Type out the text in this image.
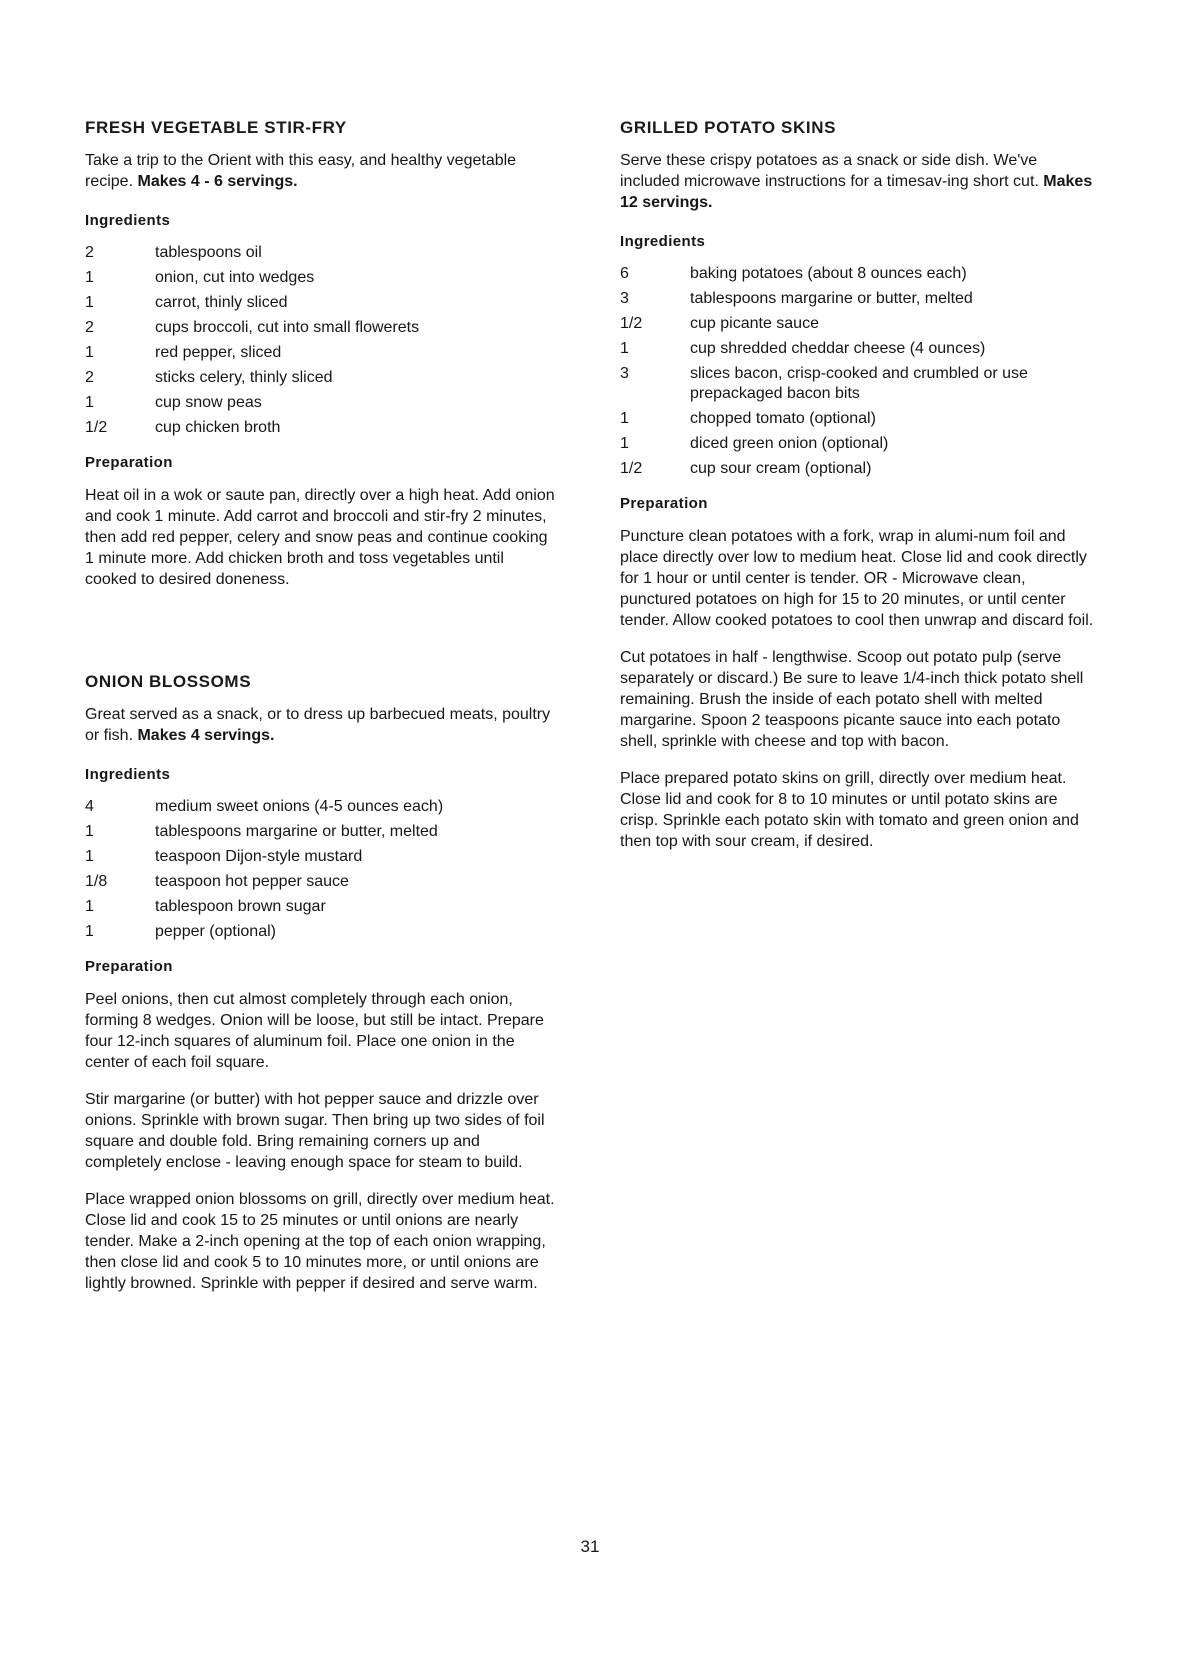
FRESH VEGETABLE STIR-FRY

Take a trip to the Orient with this easy, and healthy vegetable recipe. Makes 4 - 6 servings.

Ingredients
2	tablespoons oil
1	onion, cut into wedges
1	carrot, thinly sliced
2	cups broccoli, cut into small flowerets
1	red pepper, sliced
2	sticks celery, thinly sliced
1	cup snow peas
1/2	cup chicken broth
Preparation

Heat oil in a wok or saute pan, directly over a high heat. Add onion and cook 1 minute. Add carrot and broccoli and stir-fry 2 minutes, then add red pepper, celery and snow peas and continue cooking 1 minute more. Add chicken broth and toss vegetables until cooked to desired doneness.

ONION BLOSSOMS

Great served as a snack, or to dress up barbecued meats, poultry or fish. Makes 4 servings.

Ingredients
4	medium sweet onions (4-5 ounces each)
1	tablespoons margarine or butter, melted
1	teaspoon Dijon-style mustard
1/8	teaspoon hot pepper sauce
1	tablespoon brown sugar
1	pepper (optional)
Preparation

Peel onions, then cut almost completely through each onion, forming 8 wedges. Onion will be loose, but still be intact. Prepare four 12-inch squares of aluminum foil. Place one onion in the center of each foil square.

Stir margarine (or butter) with hot pepper sauce and drizzle over onions. Sprinkle with brown sugar. Then bring up two sides of foil square and double fold. Bring remaining corners up and completely enclose - leaving enough space for steam to build.

Place wrapped onion blossoms on grill, directly over medium heat. Close lid and cook 15 to 25 minutes or until onions are nearly tender. Make a 2-inch opening at the top of each onion wrapping, then close lid and cook 5 to 10 minutes more, or until onions are lightly browned. Sprinkle with pepper if desired and serve warm.

GRILLED POTATO SKINS

Serve these crispy potatoes as a snack or side dish. We've included microwave instructions for a timesav-ing short cut. Makes 12 servings.

Ingredients
6	baking potatoes (about 8 ounces each)
3	tablespoons margarine or butter, melted
1/2	cup picante sauce
1	cup shredded cheddar cheese (4 ounces)
3	slices bacon, crisp-cooked and crumbled or use prepackaged bacon bits
1	chopped tomato (optional)
1	diced green onion (optional)
1/2	cup sour cream (optional)
Preparation

Puncture clean potatoes with a fork, wrap in alumi-num foil and place directly over low to medium heat. Close lid and cook directly for 1 hour or until center is tender. OR - Microwave clean, punctured potatoes on high for 15 to 20 minutes, or until center tender. Allow cooked potatoes to cool then unwrap and discard foil.

Cut potatoes in half - lengthwise. Scoop out potato pulp (serve separately or discard.) Be sure to leave 1/4-inch thick potato shell remaining. Brush the inside of each potato shell with melted margarine. Spoon 2 teaspoons picante sauce into each potato shell, sprinkle with cheese and top with bacon.

Place prepared potato skins on grill, directly over medium heat. Close lid and cook for 8 to 10 minutes or until potato skins are crisp. Sprinkle each potato skin with tomato and green onion and then top with sour cream, if desired.

31
